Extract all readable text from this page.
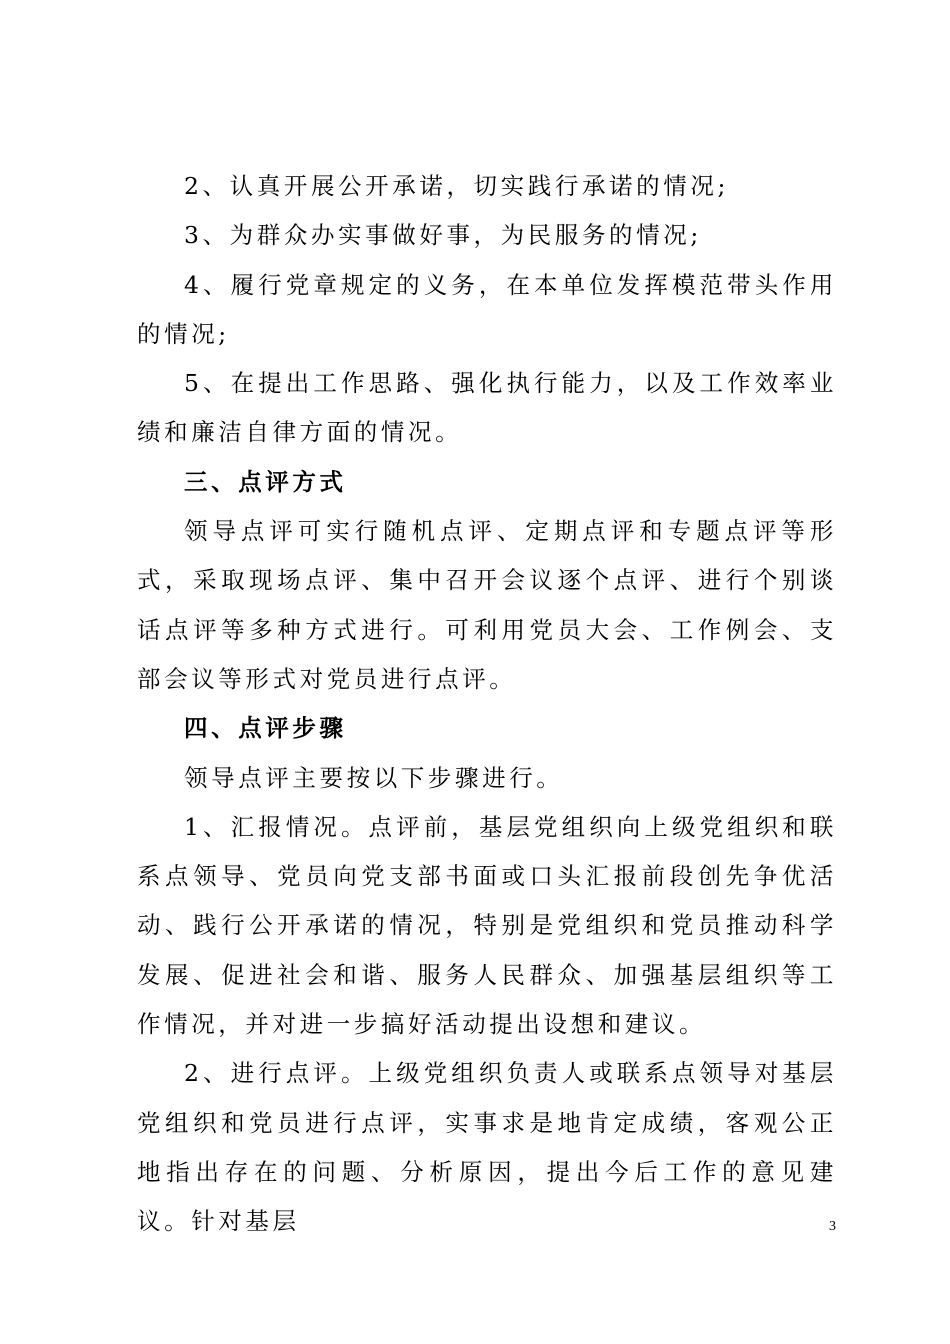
2、认真开展公开承诺，切实践行承诺的情况;

3、为群众办实事做好事，为民服务的情况;

4、履行党章规定的义务，在本单位发挥模范带头作用的情况;

5、在提出工作思路、强化执行能力，以及工作效率业绩和廉洁自律方面的情况。

三、点评方式

领导点评可实行随机点评、定期点评和专题点评等形式，采取现场点评、集中召开会议逐个点评、进行个别谈话点评等多种方式进行。可利用党员大会、工作例会、支部会议等形式对党员进行点评。

四、点评步骤

领导点评主要按以下步骤进行。

1、汇报情况。点评前，基层党组织向上级党组织和联系点领导、党员向党支部书面或口头汇报前段创先争优活动、践行公开承诺的情况，特别是党组织和党员推动科学发展、促进社会和谐、服务人民群众、加强基层组织等工作情况，并对进一步搞好活动提出设想和建议。

2、进行点评。上级党组织负责人或联系点领导对基层党组织和党员进行点评，实事求是地肯定成绩，客观公正地指出存在的问题、分析原因，提出今后工作的意见建议。针对基层	3
